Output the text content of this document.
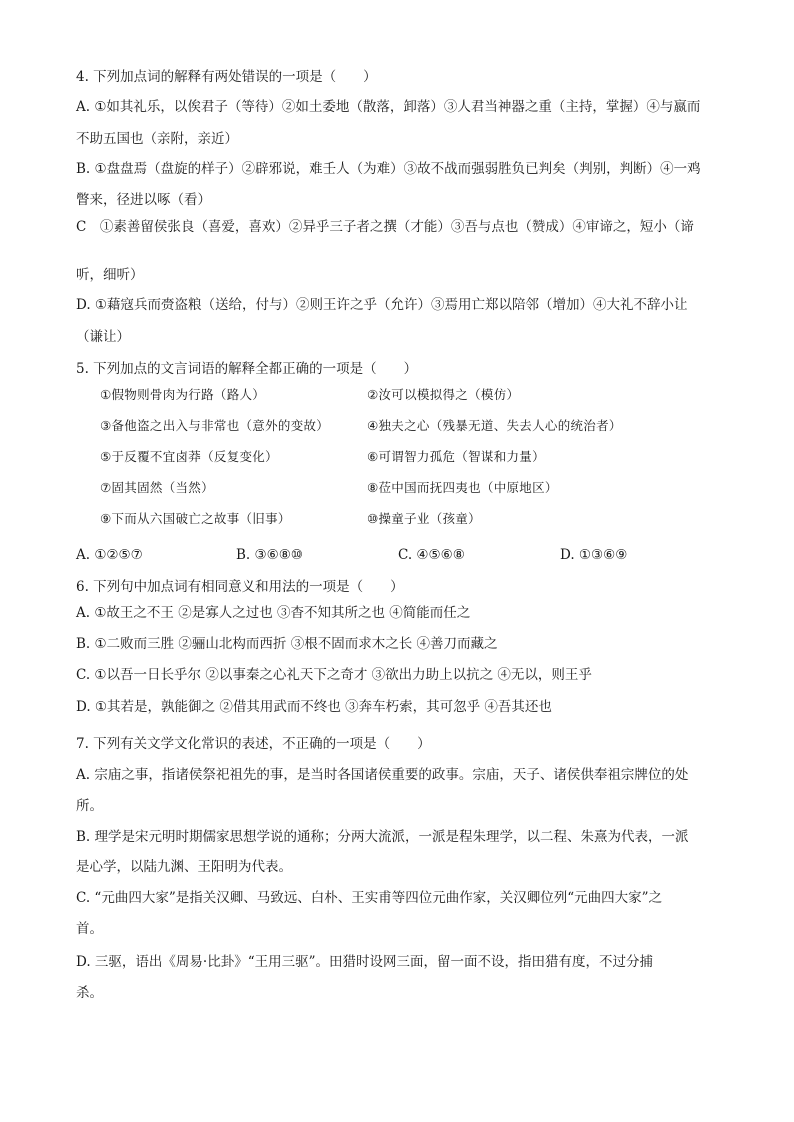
4. 下列加点词的解释有两处错误的一项是（　　）
A. ①如其礼乐，以俟君子（等待）②如土委地（散落，卸落）③人君当神器之重（主持，掌握）④与嬴而
不助五国也（亲附，亲近）
B. ①盘盘焉（盘旋的样子）②辟邪说，难壬人（为难）③故不战而强弱胜负已判矣（判别，判断）④一鸡
瞥来，径进以啄（看）
C　①素善留侯张良（喜爱，喜欢）②异乎三子者之撰（才能）③吾与点也（赞成）④审谛之，短小（谛
听，细听）
D. ①藉寇兵而赍盗粮（送给，付与）②则王许之乎（允许）③焉用亡郑以陪邻（增加）④大礼不辞小让
（谦让）
5. 下列加点的文言词语的解释全都正确的一项是（　　）
①假物则骨肉为行路（路人）	②汝可以模拟得之（模仿）
③备他盗之出入与非常也（意外的变故）	④独夫之心（残暴无道、失去人心的统治者）
⑤于反覆不宜卤莽（反复变化）	⑥可谓智力孤危（智谋和力量）
⑦固其固然（当然）	⑧莅中国而抚四夷也（中原地区）
⑨下而从六国破亡之故事（旧事）	⑩操童子业（孩童）
A. ①②⑤⑦	B. ③⑥⑧⑩	C. ④⑤⑥⑧	D. ①③⑥⑨
6. 下列句中加点词有相同意义和用法的一项是（　　）
A. ①故王之不王 ②是寡人之过也 ③杳不知其所之也 ④简能而任之
B. ①二败而三胜 ②骊山北构而西折 ③根不固而求木之长 ④善刀而藏之
C. ①以吾一日长乎尔 ②以事秦之心礼天下之奇才 ③欲出力助上以抗之 ④无以，则王乎
D. ①其若是，孰能御之 ②借其用武而不终也 ③奔车朽索，其可忽乎 ④吾其还也
7. 下列有关文学文化常识的表述，不正确的一项是（　　）
A. 宗庙之事，指诸侯祭祀祖先的事，是当时各国诸侯重要的政事。宗庙，天子、诸侯供奉祖宗牌位的处
所。
B. 理学是宋元明时期儒家思想学说的通称；分两大流派，一派是程朱理学，以二程、朱熹为代表，一派
是心学，以陆九渊、王阳明为代表。
C. “元曲四大家”是指关汉卿、马致远、白朴、王实甫等四位元曲作家，关汉卿位列“元曲四大家”之
首。
D. 三驱，语出《周易·比卦》“王用三驱”。田猎时设网三面，留一面不设，指田猎有度，不过分捕
杀。
